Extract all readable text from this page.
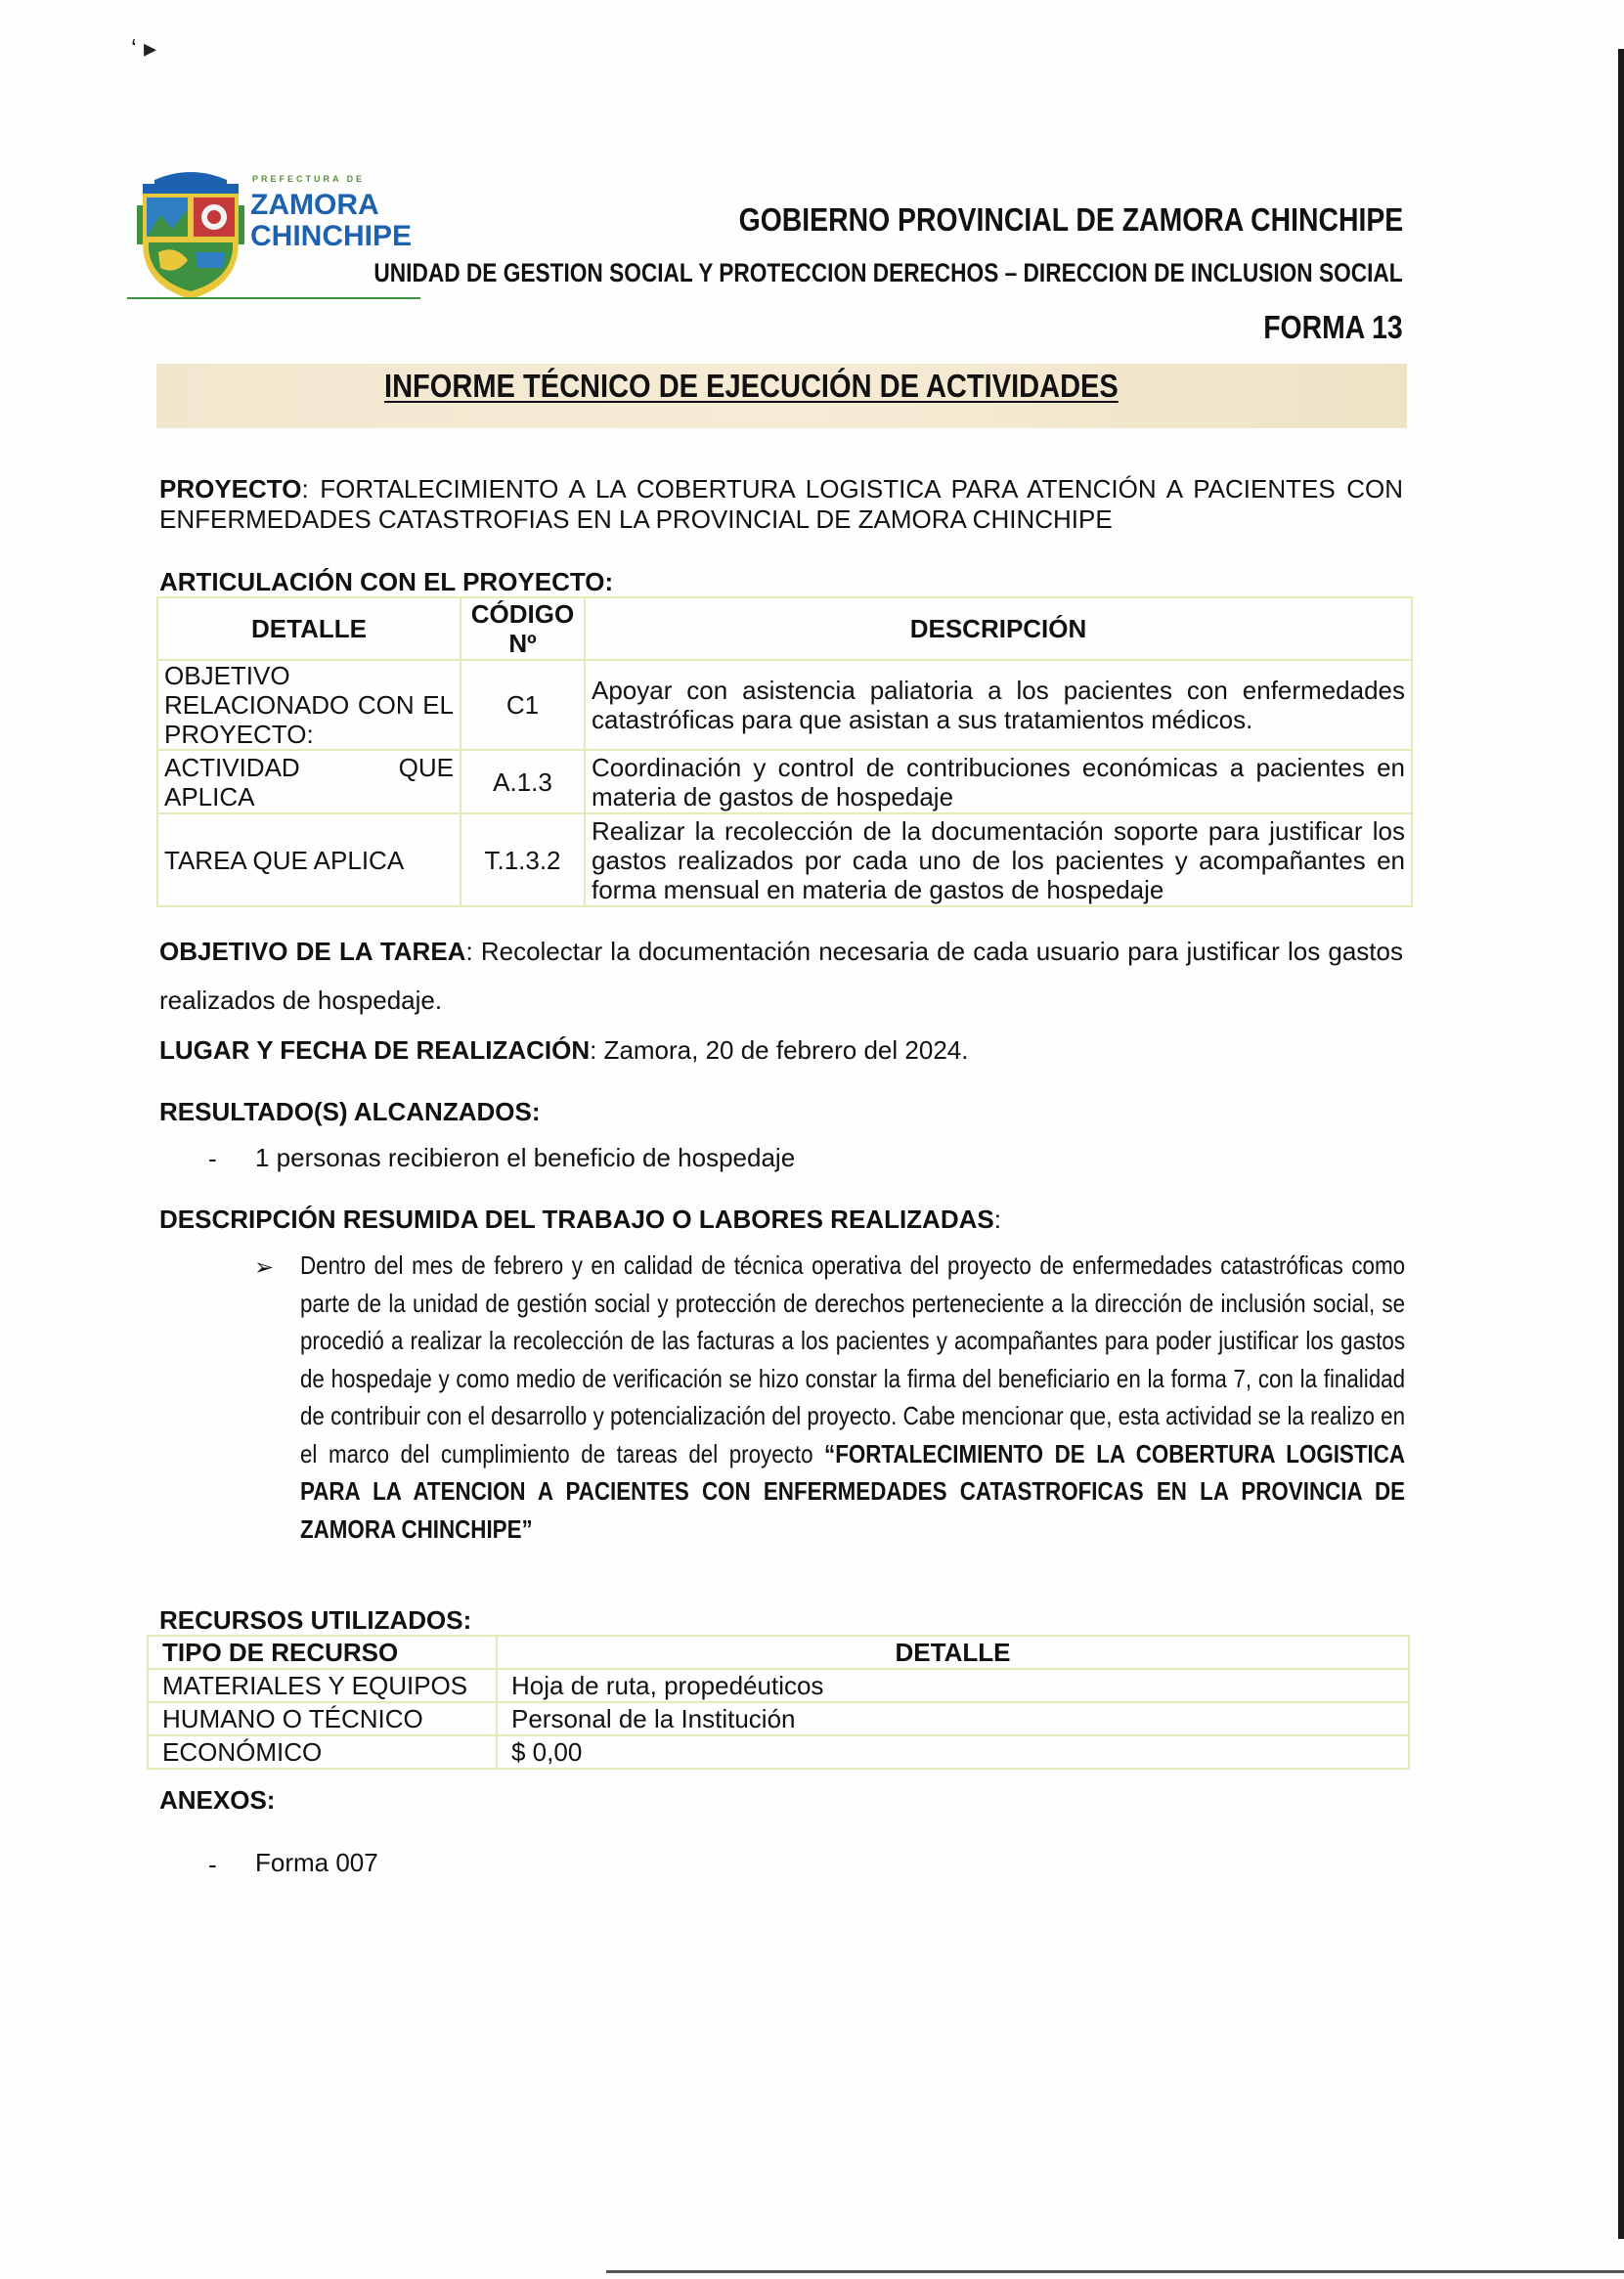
‘ ▸
PREFECTURA DE
ZAMORA
CHINCHIPE	GOBIERNO PROVINCIAL DE ZAMORA CHINCHIPE
UNIDAD DE GESTION SOCIAL Y PROTECCION DERECHOS – DIRECCION DE INCLUSION SOCIAL
FORMA 13
INFORME TÉCNICO DE EJECUCIÓN DE ACTIVIDADES
PROYECTO: FORTALECIMIENTO A LA COBERTURA LOGISTICA PARA ATENCIÓN A PACIENTES CON ENFERMEDADES CATASTROFIAS EN LA PROVINCIAL DE ZAMORA CHINCHIPE
ARTICULACIÓN CON EL PROYECTO:
DETALLE	CÓDIGO Nº	DESCRIPCIÓN
OBJETIVO RELACIONADO CON EL PROYECTO:	C1	Apoyar con asistencia paliatoria a los pacientes con enfermedades catastróficas para que asistan a sus tratamientos médicos.
ACTIVIDAD QUE APLICA	A.1.3	Coordinación y control de contribuciones económicas a pacientes en materia de gastos de hospedaje
TAREA QUE APLICA	T.1.3.2	Realizar la recolección de la documentación soporte para justificar los gastos realizados por cada uno de los pacientes y acompañantes en forma mensual en materia de gastos de hospedaje
OBJETIVO DE LA TAREA: Recolectar la documentación necesaria de cada usuario para justificar los gastos realizados de hospedaje.
LUGAR Y FECHA DE REALIZACIÓN: Zamora, 20 de febrero del 2024.
RESULTADO(S) ALCANZADOS:
- 1 personas recibieron el beneficio de hospedaje
DESCRIPCIÓN RESUMIDA DEL TRABAJO O LABORES REALIZADAS:
➢ Dentro del mes de febrero y en calidad de técnica operativa del proyecto de enfermedades catastróficas como parte de la unidad de gestión social y protección de derechos perteneciente a la dirección de inclusión social, se procedió a realizar la recolección de las facturas a los pacientes y acompañantes para poder justificar los gastos de hospedaje y como medio de verificación se hizo constar la firma del beneficiario en la forma 7, con la finalidad de contribuir con el desarrollo y potencialización del proyecto. Cabe mencionar que, esta actividad se la realizo en el marco del cumplimiento de tareas del proyecto “FORTALECIMIENTO DE LA COBERTURA LOGISTICA PARA LA ATENCION A PACIENTES CON ENFERMEDADES CATASTROFICAS EN LA PROVINCIA DE ZAMORA CHINCHIPE”
RECURSOS UTILIZADOS:
TIPO DE RECURSO	DETALLE
MATERIALES Y EQUIPOS	Hoja de ruta, propedéuticos
HUMANO O TÉCNICO	Personal de la Institución
ECONÓMICO	$ 0,00
ANEXOS:
- Forma 007
